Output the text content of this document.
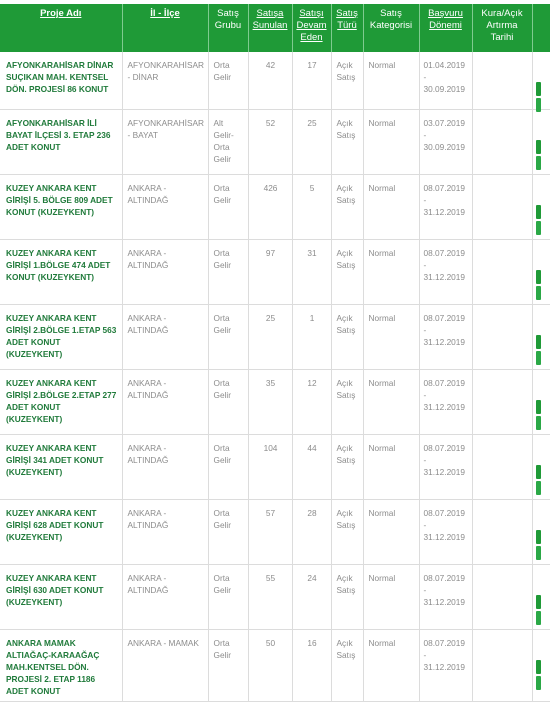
Proje Adı	İl - İlçe	Satış Grubu	Satışa Sunulan	Satışı Devam Eden	Satış Türü	Satış Kategorisi	Başvuru Dönemi	Kura/Açık Artırma Tarihi	
AFYONKARAHİSAR DİNAR SUÇIKAN MAH. KENTSEL DÖN. PROJESİ 86 KONUT	AFYONKARAHİSAR - DİNAR	Orta Gelir	42	17	Açık Satış	Normal	01.04.2019 - 30.09.2019		

AFYONKARAHİSAR İLİ BAYAT İLÇESİ 3. ETAP 236 ADET KONUT	AFYONKARAHİSAR - BAYAT	Alt Gelir-Orta Gelir	52	25	Açık Satış	Normal	03.07.2019 - 30.09.2019		

KUZEY ANKARA KENT GİRİŞİ 5. BÖLGE 809 ADET KONUT (KUZEYKENT)	ANKARA - ALTINDAĞ	Orta Gelir	426	5	Açık Satış	Normal	08.07.2019 - 31.12.2019		

KUZEY ANKARA KENT GİRİŞİ 1.BÖLGE 474 ADET KONUT (KUZEYKENT)	ANKARA - ALTINDAĞ	Orta Gelir	97	31	Açık Satış	Normal	08.07.2019 - 31.12.2019		

KUZEY ANKARA KENT GİRİŞİ 2.BÖLGE 1.ETAP 563 ADET KONUT (KUZEYKENT)	ANKARA - ALTINDAĞ	Orta Gelir	25	1	Açık Satış	Normal	08.07.2019 - 31.12.2019		

KUZEY ANKARA KENT GİRİŞİ 2.BÖLGE 2.ETAP 277 ADET KONUT (KUZEYKENT)	ANKARA - ALTINDAĞ	Orta Gelir	35	12	Açık Satış	Normal	08.07.2019 - 31.12.2019		

KUZEY ANKARA KENT GİRİŞİ 341 ADET KONUT (KUZEYKENT)	ANKARA - ALTINDAĞ	Orta Gelir	104	44	Açık Satış	Normal	08.07.2019 - 31.12.2019		

KUZEY ANKARA KENT GİRİŞİ 628 ADET KONUT (KUZEYKENT)	ANKARA - ALTINDAĞ	Orta Gelir	57	28	Açık Satış	Normal	08.07.2019 - 31.12.2019		

KUZEY ANKARA KENT GİRİŞİ 630 ADET KONUT (KUZEYKENT)	ANKARA - ALTINDAĞ	Orta Gelir	55	24	Açık Satış	Normal	08.07.2019 - 31.12.2019		

ANKARA MAMAK ALTIAĞAÇ-KARAAĞAÇ MAH.KENTSEL DÖN. PROJESİ 2. ETAP 1186 ADET KONUT	ANKARA - MAMAK	Orta Gelir	50	16	Açık Satış	Normal	08.07.2019 - 31.12.2019		
